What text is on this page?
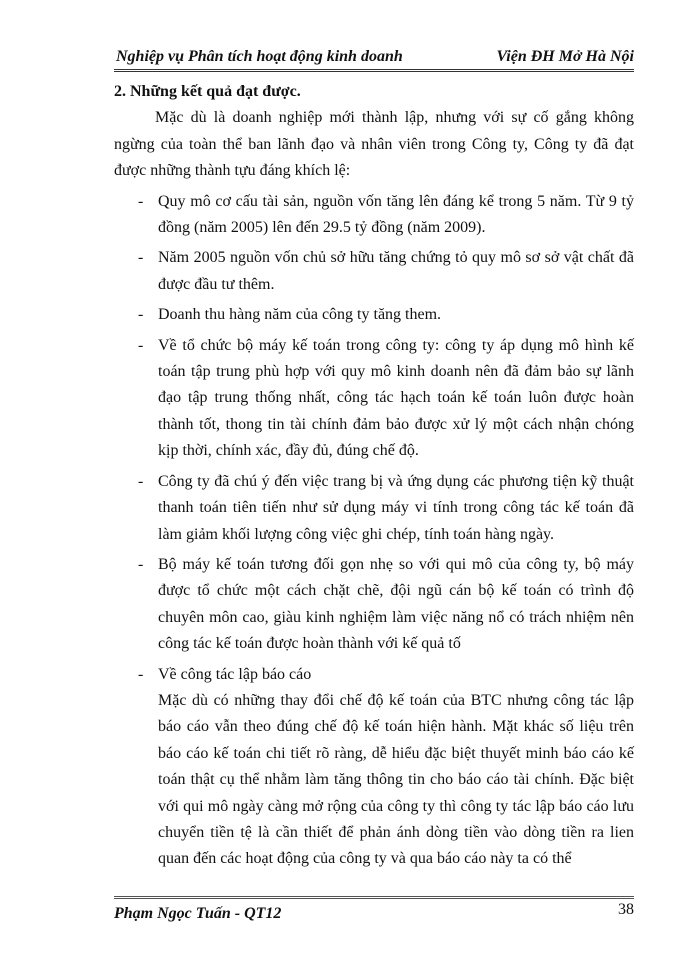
Nghiệp vụ Phân tích hoạt động kinh doanh	Viện ĐH Mở Hà Nội

2. Những kết quả đạt được.

Mặc dù là doanh nghiệp mới thành lập, nhưng với sự cố gắng không ngừng của toàn thể ban lãnh đạo và nhân viên trong Công ty, Công ty đã đạt được những thành tựu đáng khích lệ:

- Quy mô cơ cấu tài sản, nguồn vốn tăng lên đáng kể trong 5 năm. Từ 9 tỷ đồng (năm 2005) lên đến 29.5 tỷ đồng (năm 2009).
- Năm 2005 nguồn vốn chủ sở hữu tăng chứng tỏ quy mô sơ sở vật chất đã được đầu tư thêm.
- Doanh thu hàng năm của công ty tăng them.
- Về tổ chức bộ máy kế toán trong công ty: công ty áp dụng mô hình kế toán tập trung phù hợp với quy mô kinh doanh nên đã đảm bảo sự lãnh đạo tập trung thống nhất, công tác hạch toán kế toán luôn được hoàn thành tốt, thong tin tài chính đảm bảo được xử lý một cách nhận chóng kịp thời, chính xác, đầy đủ, đúng chế độ.
- Công ty đã chú ý đến việc trang bị và ứng dụng các phương tiện kỹ thuật thanh toán tiên tiến như sử dụng máy vi tính trong công tác kế toán đã làm giảm khối lượng công việc ghi chép, tính toán hàng ngày.
- Bộ máy kế toán tương đối gọn nhẹ so với qui mô của công ty, bộ máy được tổ chức một cách chặt chẽ, đội ngũ cán bộ kế toán có trình độ chuyên môn cao, giàu kinh nghiệm làm việc năng nổ có trách nhiệm nên công tác kế toán được hoàn thành với kế quả tố
- Về công tác lập báo cáo

Mặc dù có những thay đổi chế độ kế toán của BTC nhưng công tác lập báo cáo vẫn theo đúng chế độ kế toán hiện hành. Mặt khác số liệu trên báo cáo kế toán chi tiết rõ ràng, dễ hiểu đặc biệt thuyết minh báo cáo kế toán thật cụ thể nhằm làm tăng thông tin cho báo cáo tài chính. Đặc biệt với qui mô ngày càng mở rộng của công ty thì công ty tác lập báo cáo lưu chuyển tiền tệ là cần thiết để phản ánh dòng tiền vào dòng tiền ra lien quan đến các hoạt động của công ty và qua báo cáo này ta có thể

Phạm Ngọc Tuấn - QT12	38
